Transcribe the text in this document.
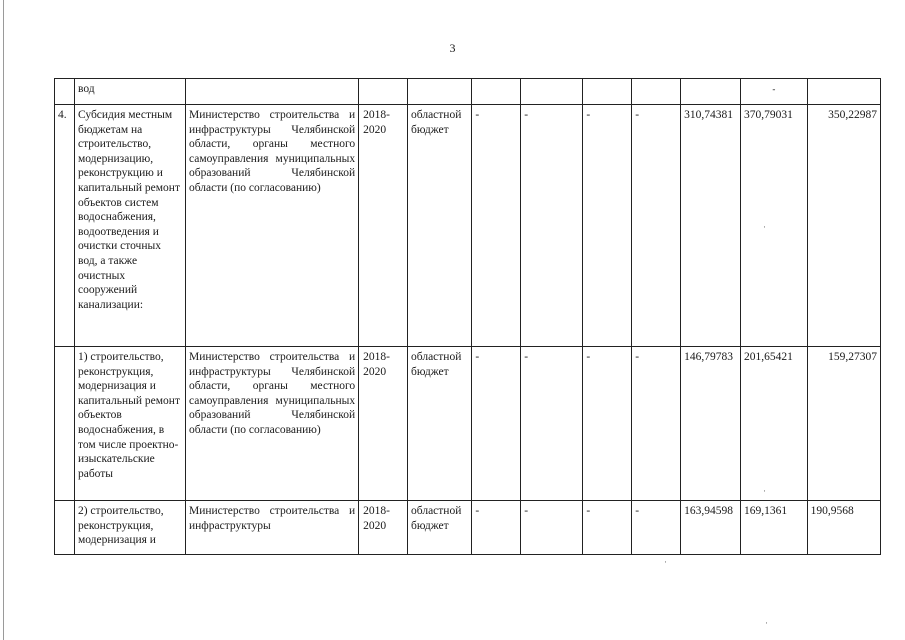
3
	вод									-	
4.	Субсидия местным бюджетам на строительство, модернизацию, реконструкцию и капитальный ремонт объектов систем водоснабжения, водоотведения и очистки сточных вод, а также очистных сооружений канализации:	Министерство строительства и инфраструктуры Челябинской области, органы местного самоуправления муниципальных образований Челябинской области (по согласованию)	2018-2020	областной бюджет	-	-	-	-	310,74381	370,79031	350,22987
	1) строительство, реконструкция, модернизация и капитальный ремонт объектов водоснабжения, в том числе проектно-изыскательские работы	Министерство строительства и инфраструктуры Челябинской области, органы местного самоуправления муниципальных образований Челябинской области (по согласованию)	2018-2020	областной бюджет	-	-	-	-	146,79783	201,65421	159,27307
	2) строительство, реконструкция, модернизация и	Министерство строительства и инфраструктуры	2018-2020	областной бюджет	-	-	-	-	163,94598	169,1361	190,9568
·
·
·
·
